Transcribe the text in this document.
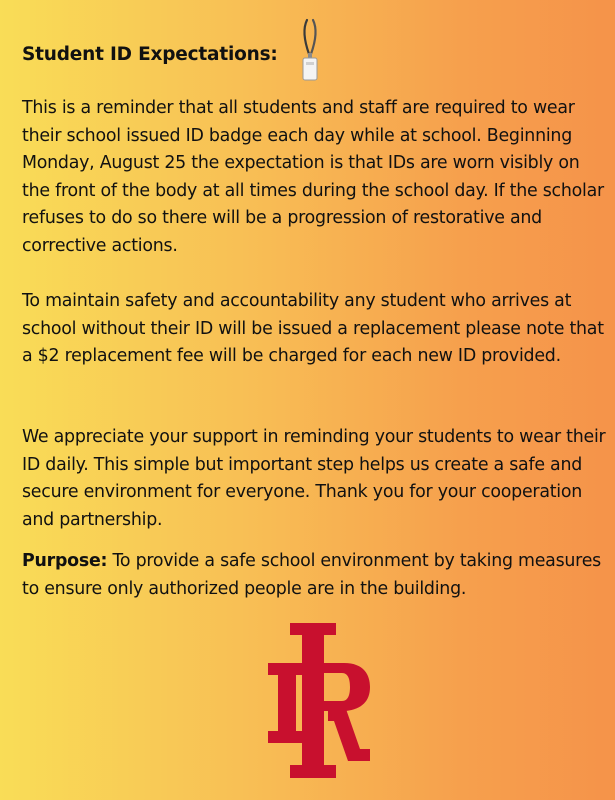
Student ID Expectations:

This is a reminder that all students and staff are required to wear their school issued ID badge each day while at school. Beginning Monday, August 25 the expectation is that IDs are worn visibly on the front of the body at all times during the school day. If the scholar refuses to do so there will be a progression of restorative and corrective actions.

To maintain safety and accountability any student who arrives at school without their ID will be issued a replacement please note that a $2 replacement fee will be charged for each new ID provided.

We appreciate your support in reminding your students to wear their ID daily. This simple but important step helps us create a safe and secure environment for everyone. Thank you for your cooperation and partnership.

Purpose: To provide a safe school environment by taking measures to ensure only authorized people are in the building.
